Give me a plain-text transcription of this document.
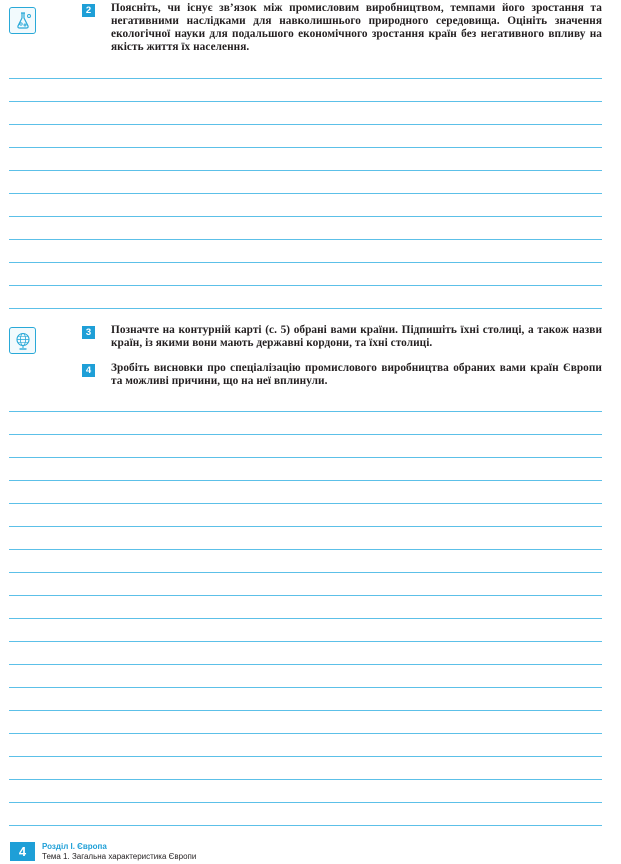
2	Поясніть, чи існує зв’язок між промисловим виробництвом, темпами його зростання та негативними наслідками для навколишнього природного середовища. Оцініть значення екологічної науки для подальшого економічного зростання країн без негативного впливу на якість життя їх населення.
3	Позначте на контурній карті (с. 5) обрані вами країни. Підпишіть їхні столиці, а також назви країн, із якими вони мають державні кордони, та їхні столиці.
4	Зробіть висновки про спеціалізацію промислового виробництва обраних вами країн Європи та можливі причини, що на неї вплинули.
4	Розділ І. Європа
Тема 1. Загальна характеристика Європи
